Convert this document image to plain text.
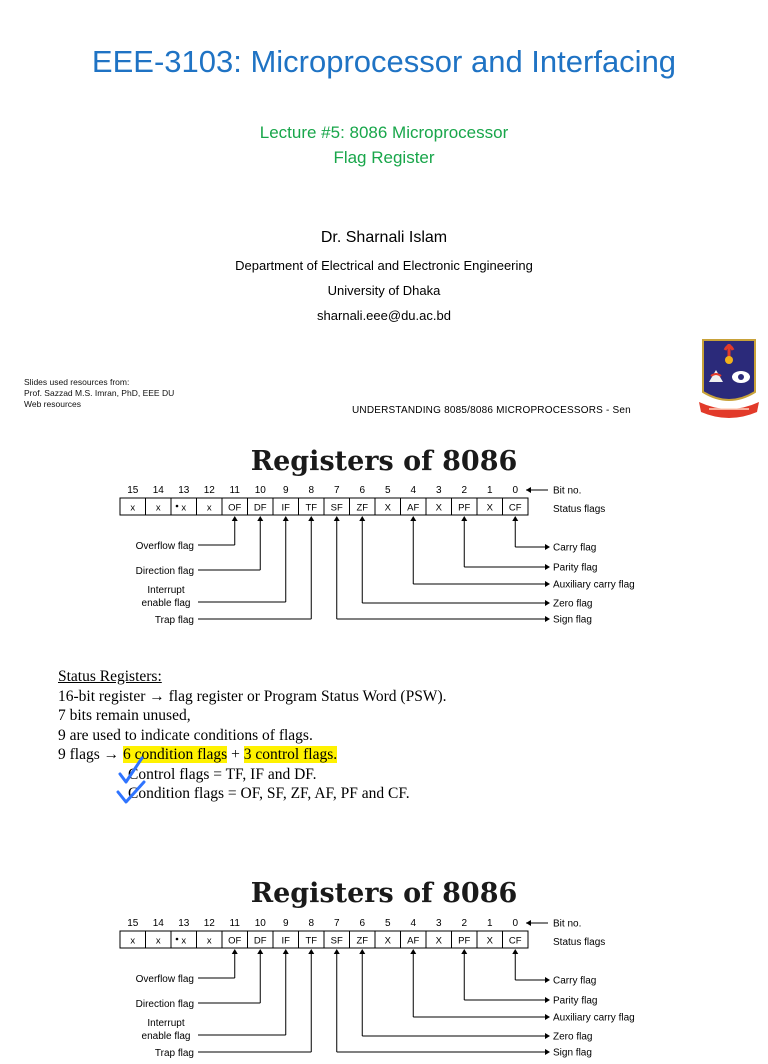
EEE-3103: Microprocessor and Interfacing
Lecture #5: 8086 Microprocessor
Flag Register
Dr. Sharnali Islam
Department of Electrical and Electronic Engineering
University of Dhaka
sharnali.eee@du.ac.bd
Slides used resources from:
Prof. Sazzad M.S. Imran, PhD, EEE DU
Web resources
UNDERSTANDING 8085/8086 MICROPROCESSORS - Sen
Registers of 8086
15 14 13 12 11 10 9 8 7 6 5 4 3 2 1 0
x x x x OF DF IF TF SF ZF X AF X PF X CF
Bit no.
Status flags
Overflow flag
Direction flag
Interrupt
enable flag
Trap flag
Carry flag
Parity flag
Auxiliary carry flag
Zero flag
Sign flag
Status Registers:
16-bit register → flag register or Program Status Word (PSW).
7 bits remain unused,
9 are used to indicate conditions of flags.
9 flags → 6 condition flags + 3 control flags.
Control flags = TF, IF and DF.
Condition flags = OF, SF, ZF, AF, PF and CF.
Registers of 8086
15 14 13 12 11 10 9 8 7 6 5 4 3 2 1 0
x x x x OF DF IF TF SF ZF X AF X PF X CF
Bit no.
Status flags
Overflow flag
Direction flag
Interrupt
enable flag
Trap flag
Carry flag
Parity flag
Auxiliary carry flag
Zero flag
Sign flag
